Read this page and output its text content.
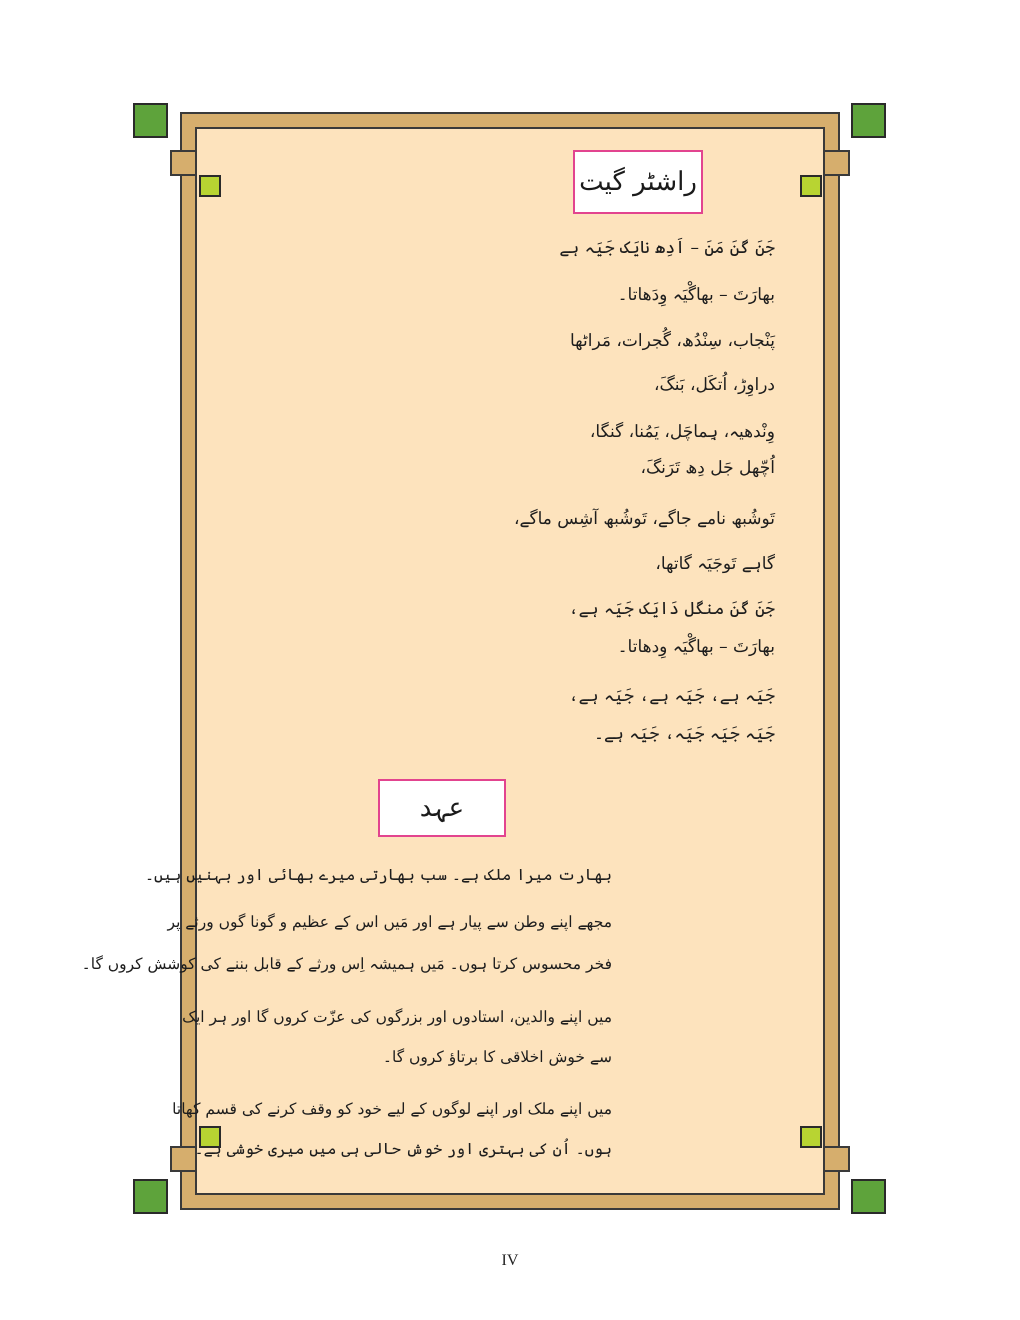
راشٹر گیت
جَنَ گَنَ مَنَ – اَدِھ نایَک جَیَہ ہے
بھارَتَ – بھاگْیَہ وِدَھاتا۔
پَنْجاب، سِنْدُھ، گُجرات، مَراٹھا
دراوِڑ، اُتکَل، بَنگَ،
وِنْدھیہ، ہِماچَل، یَمُنا، گنگا،
اُچّھل جَل دِھ تَرَنگَ،
تَوشُبھ نامے جاگے، تَوشُبھ آشِس ماگے،
گاہے تَوجَیَہ گاتھا،
جَنَ گَنَ منگَل دَایَک جَیَہ ہے،
بھارَتَ – بھاگْیَہ وِدھاتا۔
جَیَہ ہے، جَیَہ ہے، جَیَہ ہے،
جَیَہ جَیَہ جَیَہ، جَیَہ ہے۔
عہد
بھارت میرا ملک ہے۔ سب بھارتی میرے بھائی اور بہنیں ہیں۔
مجھے اپنے وطن سے پیار ہے اور مَیں اس کے عظیم و گونا گوں ورثے پر
فخر محسوس کرتا ہوں۔ مَیں ہمیشہ اِس ورثے کے قابل بننے کی کوشش کروں گا۔
میں اپنے والدین، استادوں اور بزرگوں کی عزّت کروں گا اور ہر ایک
سے خوش اخلاقی کا برتاؤ کروں گا۔
میں اپنے ملک اور اپنے لوگوں کے لیے خود کو وقف کرنے کی قسم کھاتا
ہوں۔ اُن کی بہتری اور خوش حالی ہی میں میری خوشی ہے۔
IV
